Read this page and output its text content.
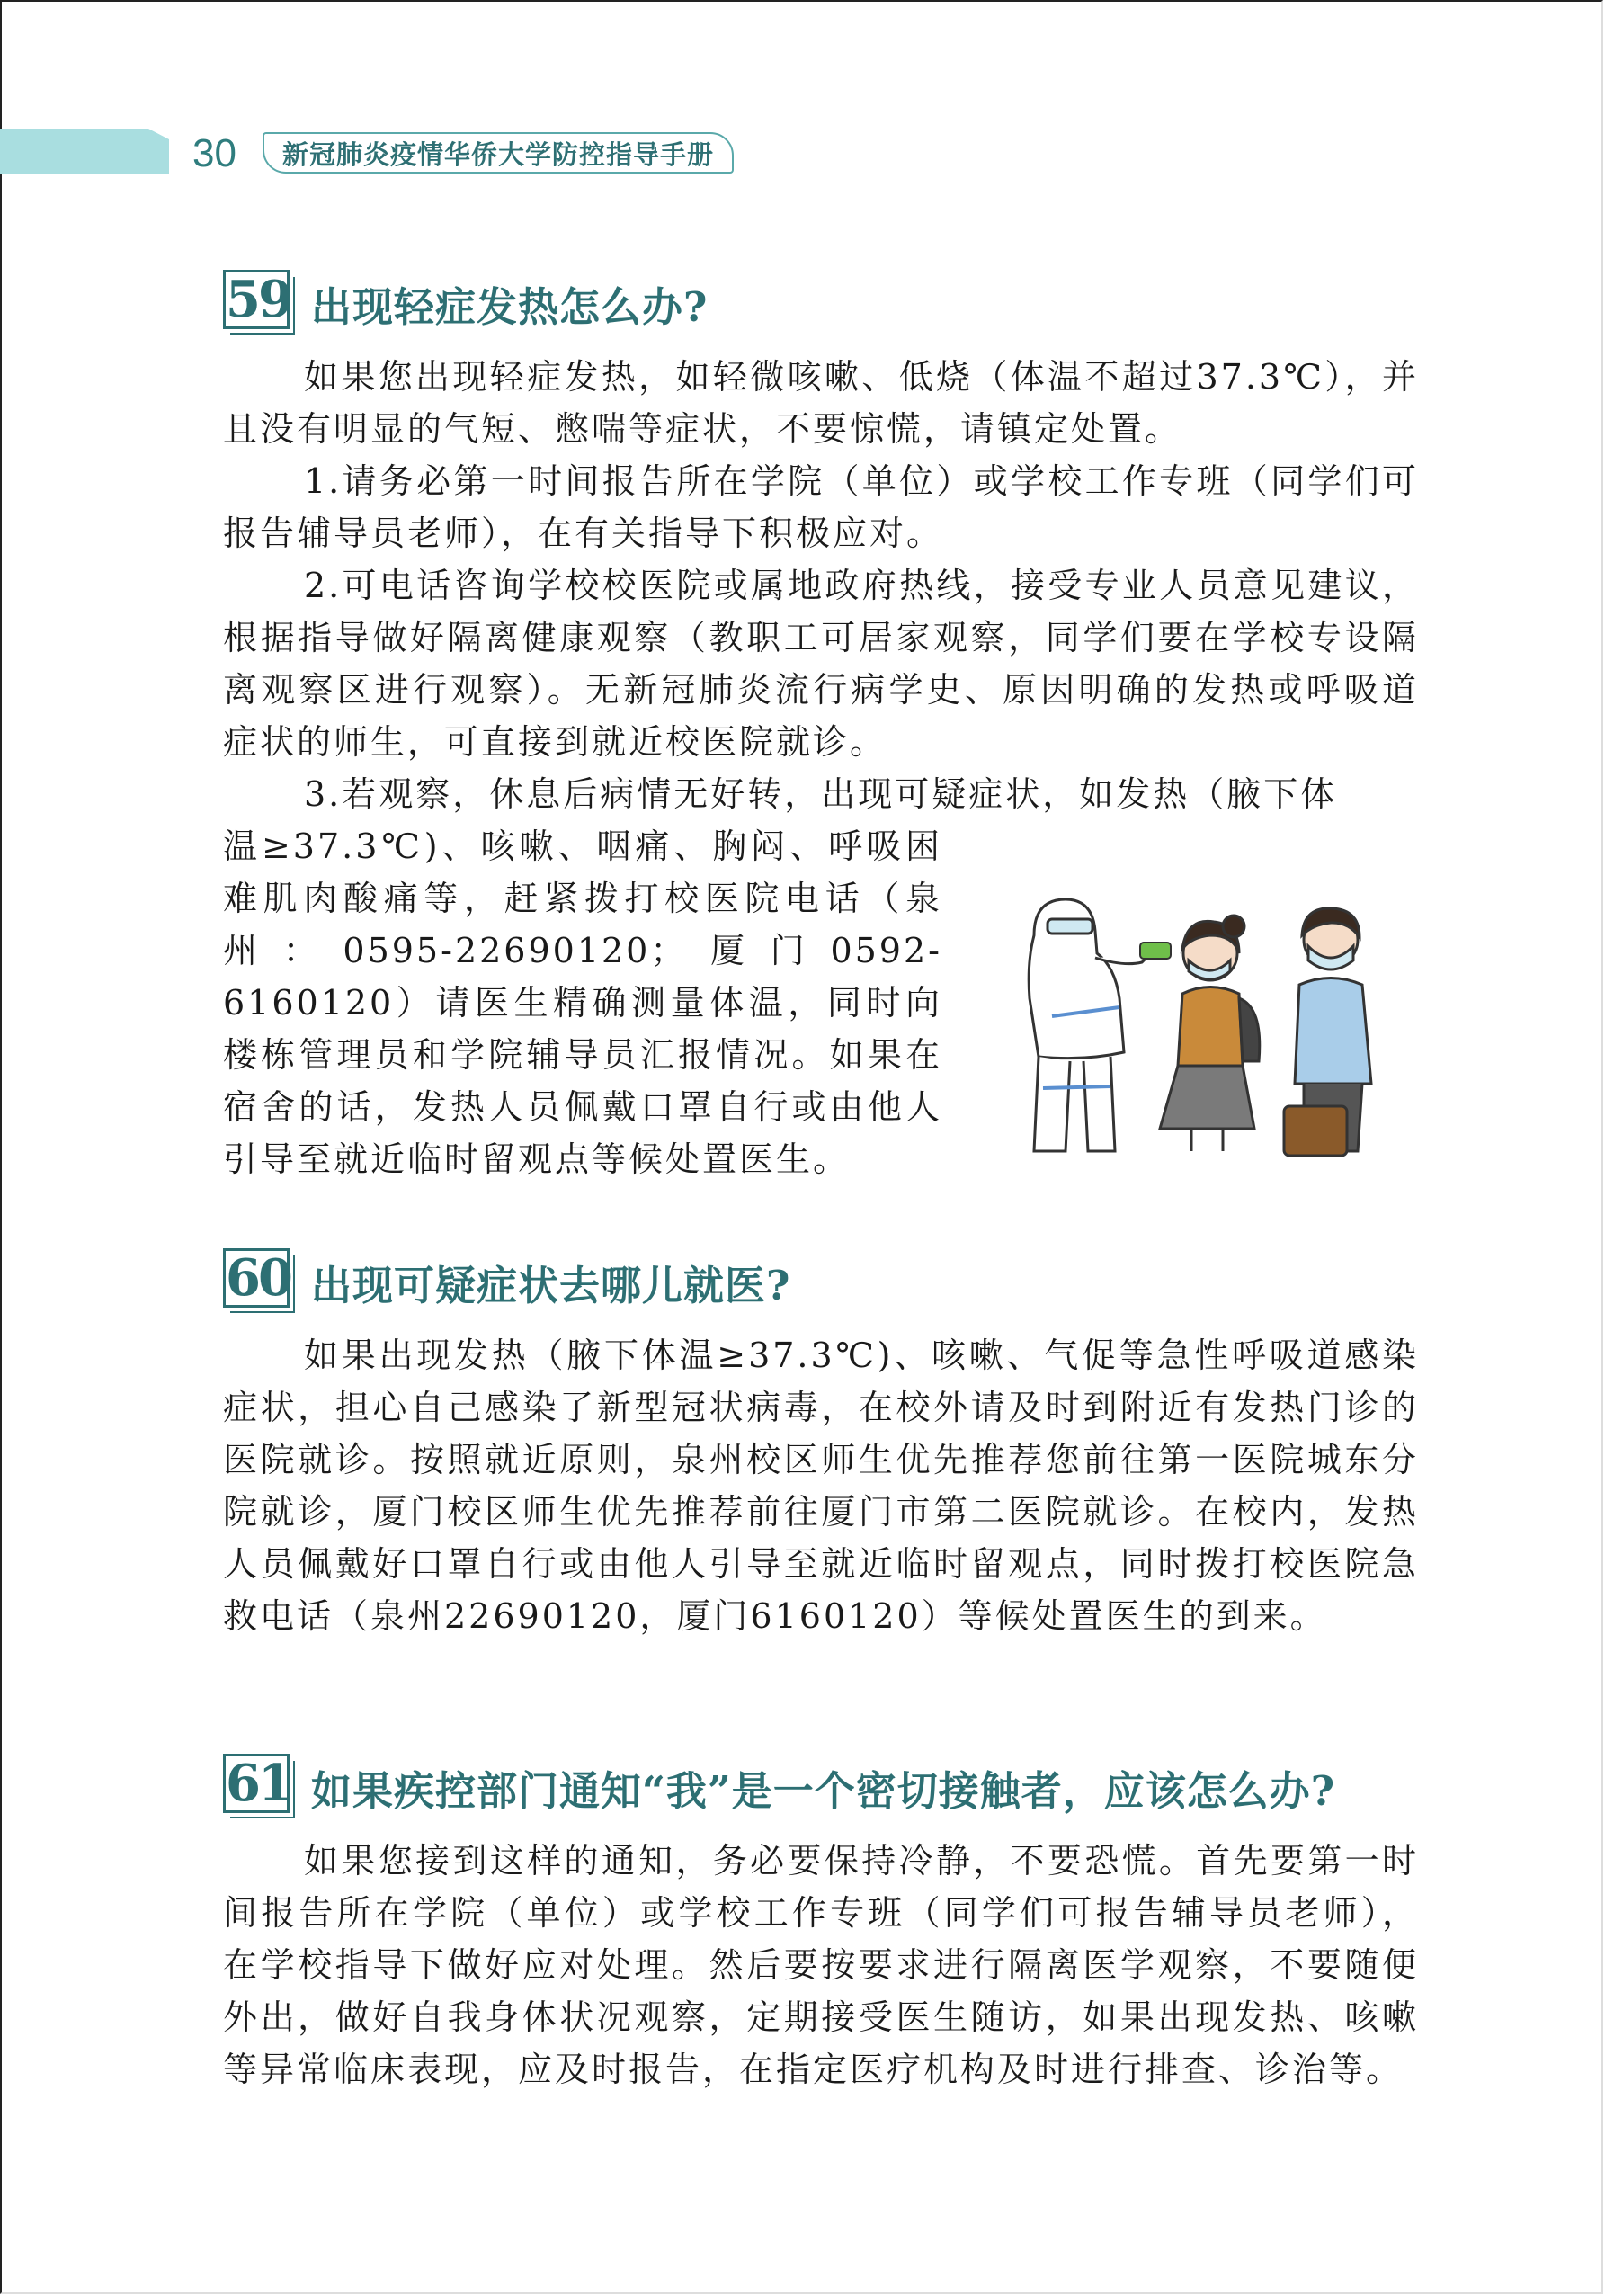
30 新冠肺炎疫情华侨大学防控指导手册
59 出现轻症发热怎么办?

如果您出现轻症发热，如轻微咳嗽、低烧（体温不超过37.3℃），并且没有明显的气短、憋喘等症状，不要惊慌，请镇定处置。

1.请务必第一时间报告所在学院（单位）或学校工作专班（同学们可报告辅导员老师），在有关指导下积极应对。

2.可电话咨询学校校医院或属地政府热线，接受专业人员意见建议，根据指导做好隔离健康观察（教职工可居家观察，同学们要在学校专设隔离观察区进行观察）。无新冠肺炎流行病学史、原因明确的发热或呼吸道症状的师生，可直接到就近校医院就诊。

3.若观察，休息后病情无好转，出现可疑症状，如发热（腋下体

温≥37.3℃)、咳嗽、咽痛、胸闷、呼吸困难肌肉酸痛等，赶紧拨打校医院电话（泉州：0595-22690120；厦门0592-6160120）请医生精确测量体温，同时向楼栋管理员和学院辅导员汇报情况。如果在宿舍的话，发热人员佩戴口罩自行或由他人引导至就近临时留观点等候处置医生。

60 出现可疑症状去哪儿就医?

如果出现发热（腋下体温≥37.3℃)、咳嗽、气促等急性呼吸道感染症状，担心自己感染了新型冠状病毒，在校外请及时到附近有发热门诊的医院就诊。按照就近原则，泉州校区师生优先推荐您前往第一医院城东分院就诊，厦门校区师生优先推荐前往厦门市第二医院就诊。在校内，发热人员佩戴好口罩自行或由他人引导至就近临时留观点，同时拨打校医院急救电话（泉州22690120，厦门6160120）等候处置医生的到来。

61 如果疾控部门通知“我”是一个密切接触者，应该怎么办?

如果您接到这样的通知，务必要保持冷静，不要恐慌。首先要第一时间报告所在学院（单位）或学校工作专班（同学们可报告辅导员老师），在学校指导下做好应对处理。然后要按要求进行隔离医学观察，不要随便外出，做好自我身体状况观察，定期接受医生随访，如果出现发热、咳嗽等异常临床表现，应及时报告，在指定医疗机构及时进行排查、诊治等。
